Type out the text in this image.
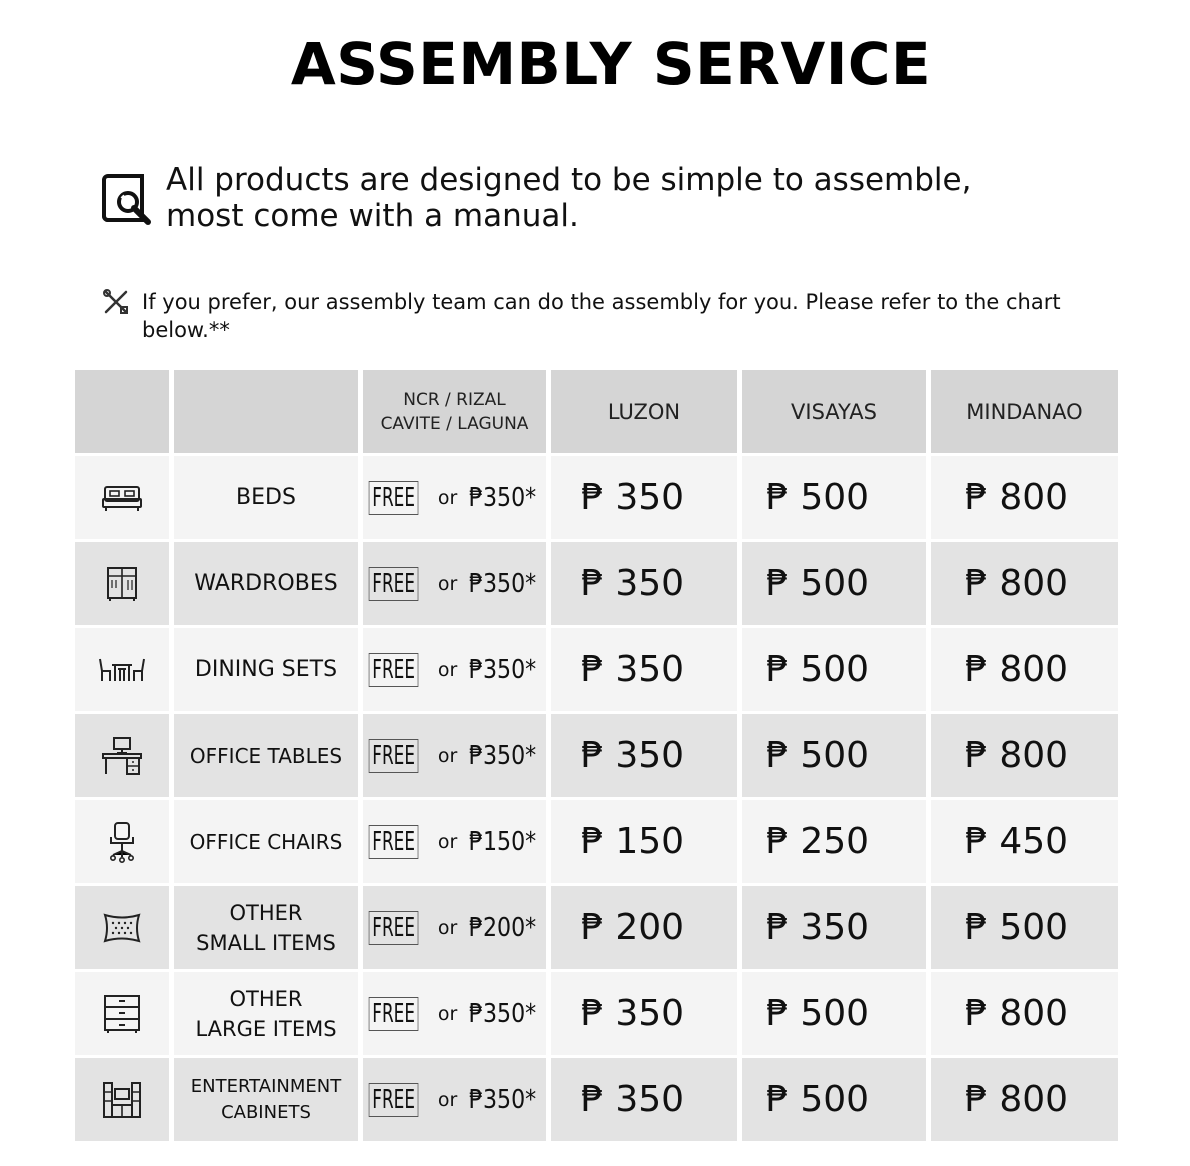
ASSEMBLY SERVICE
All products are designed to be simple to assemble,
most come with a manual.
If you prefer, our assembly team can do the assembly for you. Please refer to the chart below.**
NCR / RIZAL
CAVITE / LAGUNA	LUZON	VISAYAS	MINDANAO
BEDS	FREE or ₱350*	₱ 350	₱ 500	₱ 800
WARDROBES FREE or ₱350*	₱ 350	₱ 500	₱ 800
DINING SETS FREE or ₱350*	₱ 350	₱ 500	₱ 800
OFFICE TABLES FREE or ₱350*	₱ 350	₱ 500	₱ 800
OFFICE CHAIRS FREE or ₱150*	₱ 150	₱ 250	₱ 450
OTHER
SMALL ITEMS FREE or ₱200*	₱ 200	₱ 350	₱ 500
OTHER
LARGE ITEMS FREE or ₱350*	₱ 350	₱ 500	₱ 800
ENTERTAINMENT
CABINETS	FREE or ₱350*	₱ 350	₱ 500	₱ 800
